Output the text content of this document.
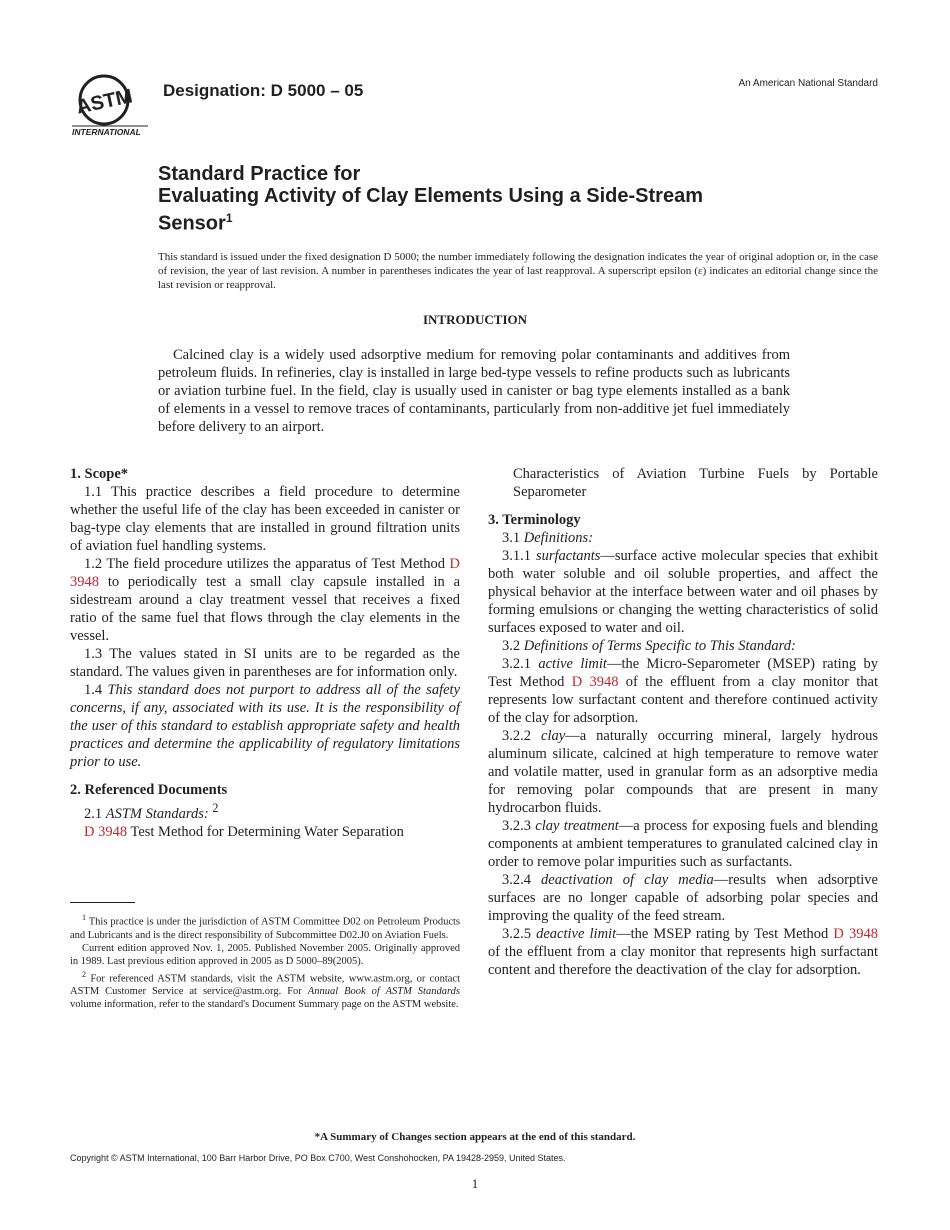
ASTM
INTERNATIONAL
Designation: D 5000 – 05	An American National Standard
Standard Practice for
Evaluating Activity of Clay Elements Using a Side-Stream
Sensor$^1$
This standard is issued under the fixed designation D 5000; the number immediately following the designation indicates the year of original adoption or, in the case of revision, the year of last revision. A number in parentheses indicates the year of last reapproval. A superscript epsilon (ε) indicates an editorial change since the last revision or reapproval.
INTRODUCTION
Calcined clay is a widely used adsorptive medium for removing polar contaminants and additives from petroleum fluids. In refineries, clay is installed in large bed-type vessels to refine products such as lubricants or aviation turbine fuel. In the field, clay is usually used in canister or bag type elements installed as a bank of elements in a vessel to remove traces of contaminants, particularly from non-additive jet fuel immediately before delivery to an airport.
1. Scope*

1.1 This practice describes a field procedure to determine whether the useful life of the clay has been exceeded in canister or bag-type clay elements that are installed in ground filtration units of aviation fuel handling systems.

1.2 The field procedure utilizes the apparatus of Test Method D 3948 to periodically test a small clay capsule installed in a sidestream around a clay treatment vessel that receives a fixed ratio of the same fuel that flows through the clay elements in the vessel.

1.3 The values stated in SI units are to be regarded as the standard. The values given in parentheses are for information only.

1.4 This standard does not purport to address all of the safety concerns, if any, associated with its use. It is the responsibility of the user of this standard to establish appropriate safety and health practices and determine the applicability of regulatory limitations prior to use.

2. Referenced Documents

2.1 ASTM Standards: $^2$

D 3948 Test Method for Determining Water Separation

$^1$ This practice is under the jurisdiction of ASTM Committee D02 on Petroleum Products and Lubricants and is the direct responsibility of Subcommittee D02.J0 on Aviation Fuels.

Current edition approved Nov. 1, 2005. Published November 2005. Originally approved in 1989. Last previous edition approved in 2005 as D 5000–89(2005).

$^2$ For referenced ASTM standards, visit the ASTM website, www.astm.org, or contact ASTM Customer Service at service@astm.org. For Annual Book of ASTM Standards volume information, refer to the standard's Document Summary page on the ASTM website.

Characteristics of Aviation Turbine Fuels by Portable Separometer

3. Terminology

3.1 Definitions:

3.1.1 surfactants—surface active molecular species that exhibit both water soluble and oil soluble properties, and affect the physical behavior at the interface between water and oil phases by forming emulsions or changing the wetting characteristics of solid surfaces exposed to water and oil.

3.2 Definitions of Terms Specific to This Standard:

3.2.1 active limit—the Micro-Separometer (MSEP) rating by Test Method D 3948 of the effluent from a clay monitor that represents low surfactant content and therefore continued activity of the clay for adsorption.

3.2.2 clay—a naturally occurring mineral, largely hydrous aluminum silicate, calcined at high temperature to remove water and volatile matter, used in granular form as an adsorptive media for removing polar compounds that are present in many hydrocarbon fluids.

3.2.3 clay treatment—a process for exposing fuels and blending components at ambient temperatures to granulated calcined clay in order to remove polar impurities such as surfactants.

3.2.4 deactivation of clay media—results when adsorptive surfaces are no longer capable of adsorbing polar species and improving the quality of the feed stream.

3.2.5 deactive limit—the MSEP rating by Test Method D 3948 of the effluent from a clay monitor that represents high surfactant content and therefore the deactivation of the clay for adsorption.

*A Summary of Changes section appears at the end of this standard.
Copyright © ASTM International, 100 Barr Harbor Drive, PO Box C700, West Conshohocken, PA 19428-2959, United States.
1
